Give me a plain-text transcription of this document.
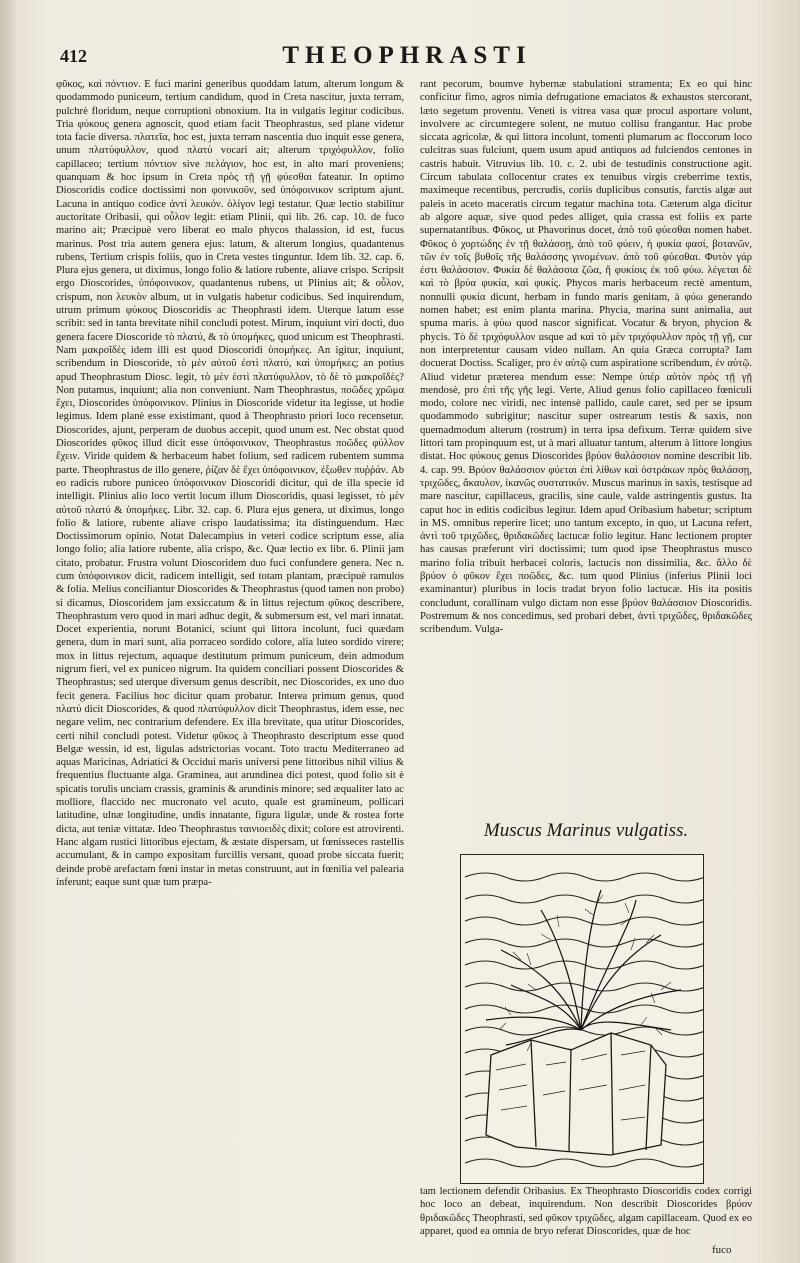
412	THEOPHRASTI

φῦκος, καὶ πόντιον. E fuci marini generibus quoddam latum, alterum longum & quodammodo puniceum, tertium candidum, quod in Creta nascitur, juxta terram, pulchrè floridum, neque corruptioni obnoxium. Ita in vulgatis legitur codicibus. Tria φύκους genera agnoscit, quod etiam facit Theophrastus, sed plane videtur tota facie diversa. πλατεῖα, hoc est, juxta terram nascentia duo inquit esse genera, unum πλατύφυλλον, quod πλατύ vocari ait; alterum τριχόφυλλον, folio capillaceo; tertium πόντιον sive πελάγιον, hoc est, in alto mari proveniens; quanquam & hoc ipsum in Creta πρὸς τῇ γῇ φύεσθαι fateatur. In optimo Dioscoridis codice doctissimi non φοινικοῦν, sed ὑπόφοινικον scriptum ajunt. Lacuna in antiquo codice ἀντὶ λευκόν. ὀλίγον legi testatur. Quæ lectio stabilitur auctoritate Oribasii, qui οὖλον legit: etiam Plinii, qui lib. 26. cap. 10. de fuco marino ait; Præcipuè vero liberat eo malo phycos thalassion, id est, fucus marinus. Post tria autem genera ejus: latum, & alterum longius, quadantenus rubens, Tertium crispis foliis, quo in Creta vestes tinguntur. Idem lib. 32. cap. 6. Plura ejus genera, ut diximus, longo folio & latiore rubente, aliave crispo. Scripsit ergo Dioscorides, ὑπόφοινικον, quadantenus rubens, ut Plinius ait; & οὖλον, crispum, non λευκὸν album, ut in vulgatis habetur codicibus. Sed inquirendum, utrum primum φύκους Dioscoridis ac Theophrasti idem. Uterque latum esse scribit: sed in tanta brevitate nihil concludi potest. Mirum, inquiunt viri docti, duo genera facere Dioscoride τὸ πλατύ, & τὸ ὑπομήκες, quod unicum est Theophrasti. Nam μακροῖδὲς idem illi est quod Dioscoridi ὑπομήκες. An igitur, inquiunt, scribendum in Dioscoride, τὸ μὲν αὐτοῦ ἐστὶ πλατύ, καὶ ὑπομήκες; an potius apud Theophrastum Diosc. legit, τὸ μὲν ἐστὶ πλατύφυλλον, τὸ δὲ τὸ μακροῖδὲς? Non putamus, inquiunt; alia non conveniunt. Nam Theophrastus, ποῶδες χρῶμα ἔχει, Dioscorides ὑπόφοινικον. Plinius in Dioscoride videtur ita legisse, ut hodie legimus. Idem planè esse existimant, quod à Theophrasto priori loco recensetur. Dioscorides, ajunt, perperam de duobus accepit, quod unum est. Nec obstat quod Dioscorides φῦκος illud dicit esse ὑπόφοινικον, Theophrastus ποῶδες φύλλον ἔχειν. Viride quidem & herbaceum habet folium, sed radicem rubentem summa parte. Theophrastus de illo genere, ῥίζαν δὲ ἔχει ὑπόφοινικον, ἐξωθεν πυῤῥάν. Ab eo radicis rubore puniceo ὑπόφοινικον Dioscoridi dicitur, qui de illa specie id intelligit. Plinius alio loco vertit locum illum Dioscoridis, quasi legisset, τὸ μὲν αὐτοῦ πλατύ & ὑπομήκες. Libr. 32. cap. 6. Plura ejus genera, ut diximus, longo folio & latiore, rubente aliave crispo laudatissima; ita distinguendum. Hæc Doctissimorum opinio. Notat Dalecampius in veteri codice scriptum esse, alia longo folio; alia latiore rubente, alia crispo, &c. Quæ lectio ex libr. 6. Plinii jam citato, probatur. Frustra volunt Dioscoridem duo fuci confundere genera. Nec n. cum ὑπόφοινικον dicit, radicem intelligit, sed totam plantam, præcipuè ramulos & folia. Melius conciliantur Dioscorides & Theophrastus (quod tamen non probo) si dicamus, Dioscoridem jam exsiccatum & in littus rejectum φῦκος describere, Theophrastum vero quod in mari adhuc degit, & submersum est, vel mari innatat. Docet experientia, norunt Botanici, sciunt qui littora incolunt, fuci quædam genera, dum in mari sunt, alia porraceo sordido colore, alia luteo sordido virere; mox in littus rejectum, aquaque destitutum primum puniceum, dein admodum nigrum fieri, vel ex puniceo nigrum. Ita quidem conciliari possent Dioscorides & Theophrastus; sed uterque diversum genus describit, nec Dioscorides, ex uno duo fecit genera. Facilius hoc dicitur quam probatur. Interea primum genus, quod πλατύ dicit Dioscorides, & quod πλατύφυλλον dicit Theophrastus, idem esse, nec negare velim, nec contrarium defendere. Ex illa brevitate, qua utitur Dioscorides, certi nihil concludi potest. Videtur φῦκος à Theophrasto descriptum esse quod Belgæ wessin, id est, ligulas adstrictorias vocant. Toto tractu Mediterraneo ad aquas Maricinas, Adriatici & Occidui maris universi pene littoribus nihil vilius & frequentius fluctuante alga. Graminea, aut arundinea dici potest, quod folio sit è spicatis torulis unciam crassis, graminis & arundinis minore; sed æqualiter lato ac molliore, flaccido nec mucronato vel acuto, quale est gramineum, pollicari latitudine, ulnæ longitudine, undis innatante, figura ligulæ, unde & rostea forte dicta, aut teniæ vittatæ. Ideo Theophrastus ταινιοειδὲς dixit; colore est atrovirenti. Hanc algam rustici littoribus ejectam, & æstate dispersam, ut fœnisseces rastellis accumulant, & in campo expositam furcillis versant, quoad probe siccata fuerit; deinde probè arefactam fœni instar in metas construunt, aut in fœnilia vel palearia inferunt; eaque sunt quæ tum præpa-

rant pecorum, boumve hybernæ stabulationi stramenta; Ex eo qui hinc conficitur fimo, agros nimia defrugatione emaciatos & exhaustos stercorant, læto segetum proventu. Veneti is vitrea vasa quæ procul asportare volunt, involvere ac circumtegere solent, ne mutuo collisu frangantur. Hac probe siccata agricolæ, & qui littora incolunt, tomenti plumarum ac floccorum loco culcitras suas fulciunt, quem usum apud antiquos ad fulciendos centones in castris habuit. Vitruvius lib. 10. c. 2. ubi de testudinis constructione agit. Circum tabulata collocentur crates ex tenuibus virgis creberrime textis, maximeque recentibus, percrudis, coriis duplicibus consutis, farctis algæ aut paleis in aceto maceratis circum tegatur machina tota. Cæterum alga dicitur ab algore aquæ, sive quod pedes alliget, quia crassa est foliis ex parte supernatantibus. Φῦκος, ut Phavorinus docet, ἀπὸ τοῦ φύεσθαι nomen habet. Φῦκος ὁ χορτώδης ἐν τῇ θαλάσσῃ, ἀπὸ τοῦ φύειν, ἡ φυκία φασί, βοτανῶν, τῶν ἐν τοῖς βυθοῖς τῆς θαλάσσης γινομένων. ἀπὸ τοῦ φύεσθαι. Φυτὸν γάρ ἐστι θαλάσσιον. Φυκία δὲ θαλάσσια ζῶα, ἤ φυκίοις ἐκ τοῦ φύω. λέγεται δὲ καὶ τὸ βρύα φυκία, καὶ φυκίς. Phycos maris herbaceum rectè amentum, nonnulli φυκία dicunt, herbam in fundo maris genitam, à φύω generando nomen habet; est enim planta marina. Phycia, marina sunt animalia, aut spuma maris. à φύω quod nascor significat. Vocatur & bryon, phycion & phycis. Τὸ δὲ τριχόφυλλον usque ad καὶ τὸ μὲν τριχόφυλλον πρὸς τῇ γῇ, cur non interpretentur causam video nullam. An quia Græca corrupta? Iam docuerat Doctiss. Scaliger, pro ἐν αὐτῷ cum aspiratione scribendum, ἐν αὐτῷ. Aliud videtur præterea mendum esse: Nempe ὑπέρ αὐτὸν πρὸς τῇ γῇ mendosè, pro ἐπὶ τῆς γῆς legi. Verte, Aliud genus folio capillaceo fœniculi modo, colore nec viridi, nec intensè pallido, caule caret, sed per se ipsum quodammodo subrigitur; nascitur super ostrearum testis & saxis, non quemadmodum alterum (rostrum) in terra ipsa defixum. Terræ quidem sive littori tam propinquum est, ut à mari alluatur tantum, alterum à littore longius distat. Hoc φύκους genus Dioscorides βρύον θαλάσσιον nomine describit lib. 4. cap. 99. Βρύον θαλάσσιον φύεται ἐπὶ λίθων καὶ ὀστράκων πρὸς θαλάσσῃ, τριχῶδες, ἄκαυλον, ἰκανῶς συστατικόν. Muscus marinus in saxis, testisque ad mare nascitur, capillaceus, gracilis, sine caule, valde astringentis gustus. Ita caput hoc in editis codicibus legitur. Idem apud Oribasium habetur; scriptum in MS. omnibus reperire licet; uno tantum excepto, in quo, ut Lacuna refert, ἀντὶ τοῦ τριχῶδες, θριδακῶδες lactucæ folio legitur. Hanc lectionem propter has causas præferunt viri doctissimi; tum quod ipse Theophrastus musco marino folia tribuit herbacei coloris, lactucis non dissimilia, &c. ἄλλο δὲ βρύον ὁ φῦκον ἔχει ποῶδες, &c. tum quod Plinius (inferius Plinii loci examinantur) pluribus in locis tradat bryon folio lactucæ. His ita positis concludunt, corallinam vulgo dictam non esse βρύον θαλάσσιον Dioscoridis. Postremum & nos concedimus, sed probari debet, ἀντὶ τριχῶδες, θριδακῶδες scribendum. Vulga-

Muscus Marinus vulgatiss.

tam lectionem defendit Oribasius. Ex Theophrasto Dioscoridis codex corrigi hoc loco an debeat, inquirendum. Non describit Dioscorides βρύον θριδακῶδες Theophrasti, sed φῦκον τριχῶδες, algam capillaceam. Quod ex eo apparet, quod ea omnia de bryo referat Dioscorides, quæ de hoc

fuco
